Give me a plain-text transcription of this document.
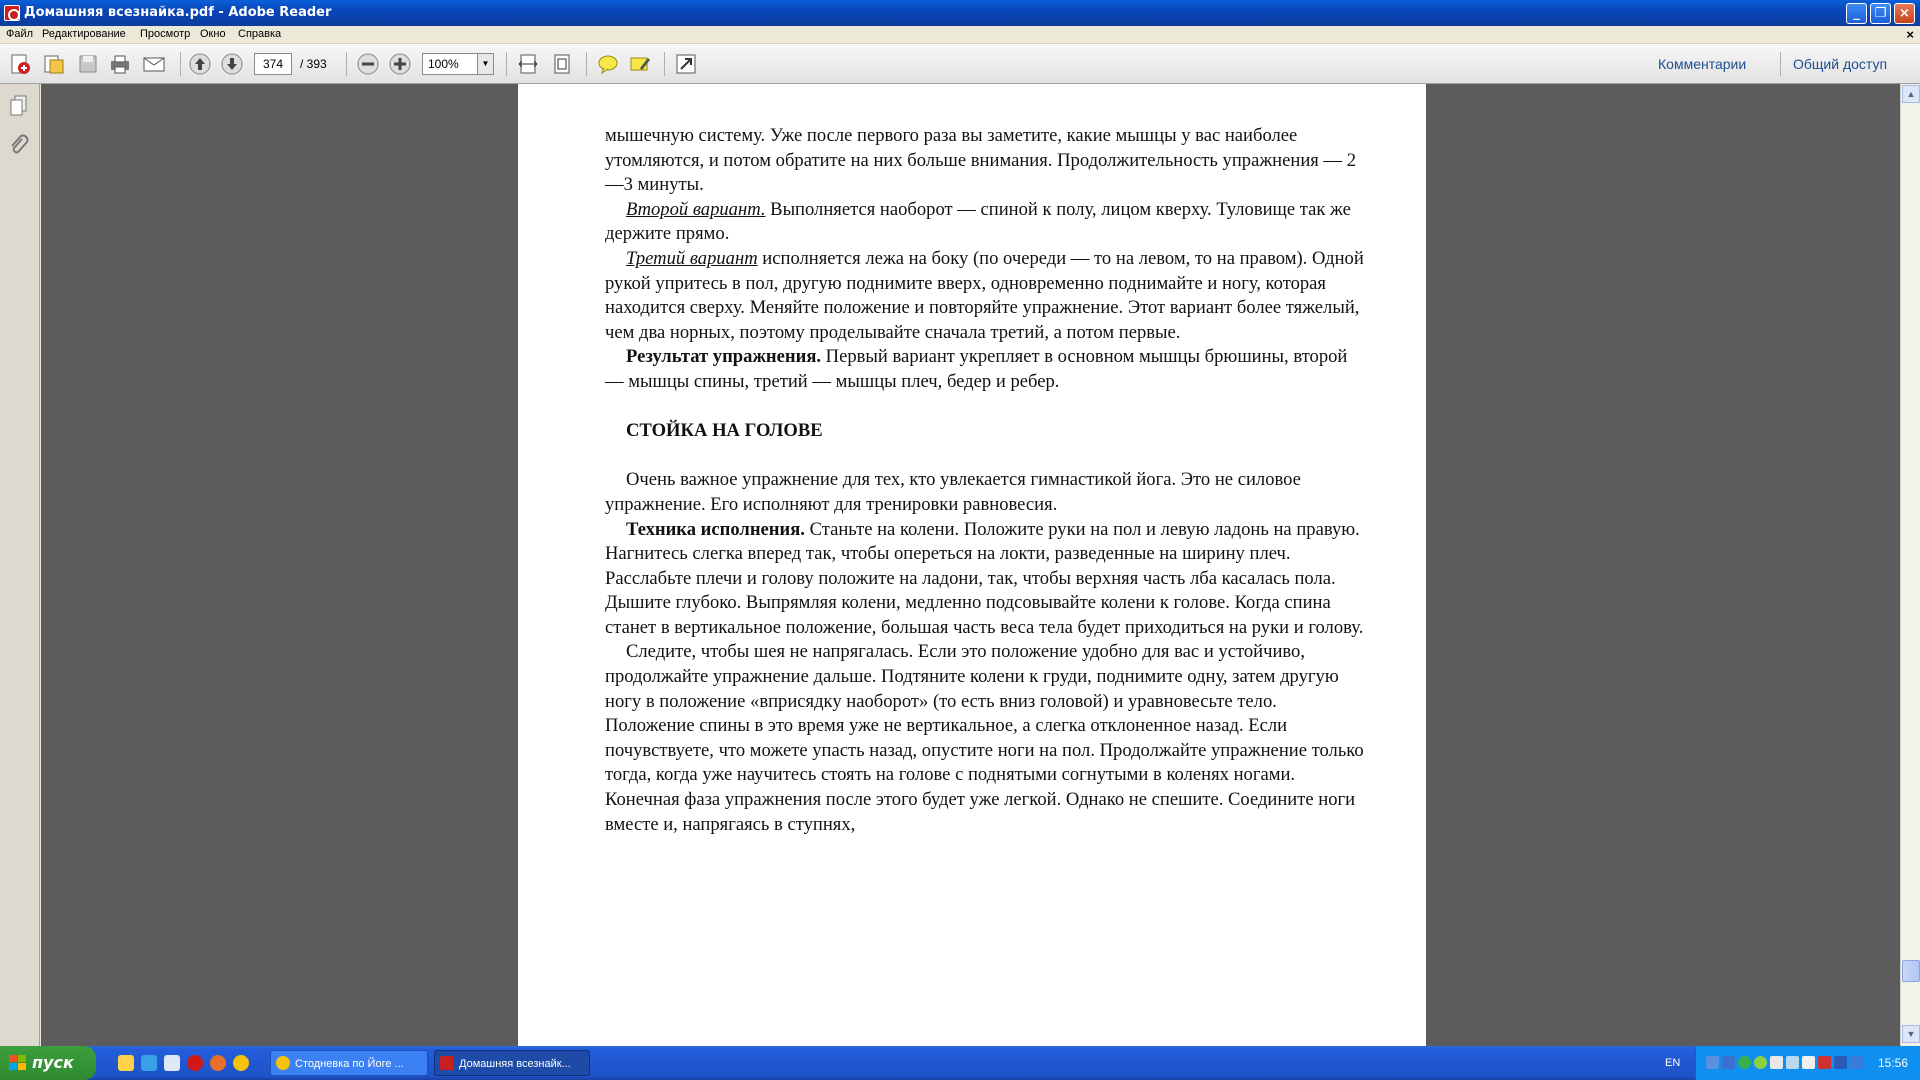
Домашняя всезнайка.pdf - Adobe Reader	_	❐ ×
Файл Редактирование Просмотр Окно Справка	×
374	/ 393	100%	▼	Комментарии	Общий доступ

мышечную систему. Уже после первого раза вы заметите, какие мышцы у вас наиболее утомляются, и потом обратите на них больше внимания. Продолжительность упражнения — 2—3 минуты.

Второй вариант. Выполняется наоборот — спиной к полу, лицом кверху. Туловище так же держите прямо.

Третий вариант исполняется лежа на боку (по очереди — то на левом, то на правом). Одной рукой упритесь в пол, другую поднимите вверх, одновременно поднимайте и ногу, которая находится сверху. Меняйте положение и повторяйте упражнение. Этот вариант более тяжелый, чем два норных, поэтому проделывайте сначала третий, а потом первые.

Результат упражнения. Первый вариант укрепляет в основном мышцы брюшины, второй — мышцы спины, третий — мышцы плеч, бедер и ребер.

СТОЙКА НА ГОЛОВЕ

Очень важное упражнение для тех, кто увлекается гимнастикой йога. Это не силовое упражнение. Его исполняют для тренировки равновесия.

Техника исполнения. Станьте на колени. Положите руки на пол и левую ладонь на правую. Нагнитесь слегка вперед так, чтобы опереться на локти, разведенные на ширину плеч. Расслабьте плечи и голову положите на ладони, так, чтобы верхняя часть лба касалась пола. Дышите глубоко. Выпрямляя колени, медленно подсовывайте колени к голове. Когда спина станет в вертикальное положение, большая часть веса тела будет приходиться на руки и голову.

Следите, чтобы шея не напрягалась. Если это положение удобно для вас и устойчиво, продолжайте упражнение дальше. Подтяните колени к груди, поднимите одну, затем другую ногу в положение «вприсядку наоборот» (то есть вниз головой) и уравновесьте тело. Положение спины в это время уже не вертикальное, а слегка отклоненное назад. Если почувствуете, что можете упасть назад, опустите ноги на пол. Продолжайте упражнение только тогда, когда уже научитесь стоять на голове с поднятыми согнутыми в коленях ногами. Конечная фаза упражнения после этого будет уже легкой. Однако не спешите. Соедините ноги вместе и, напрягаясь в ступнях,

▲
▼
пуск	Стодневка по Йоге ...	Домашняя всезнайк...	EN	15:56
